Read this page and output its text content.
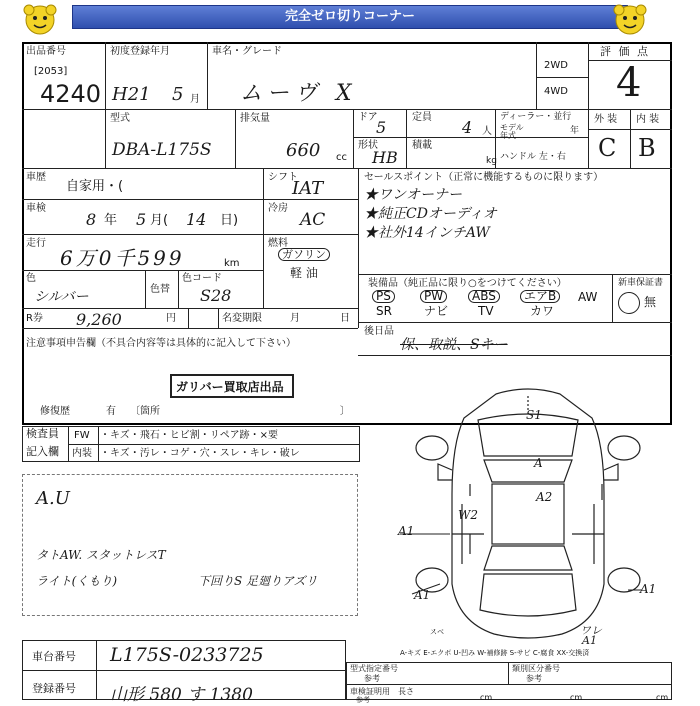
完全ゼロ切りコーナー
出品番号
[2053]
4240
初度登録年月
H21 5 月
車名・グレード
ムーヴ X
2WD
4WD
評 価 点
4
型式
DBA-L175S
排気量
660 cc
ドア
5
定員
4 人
ディーラー・並行
モデル 年式	年
形状
HB
積載
kg ハンドル 左・右
外 装 内 装
C B
車歴
自家用・(
シフト
IAT
車検
8 年 5 月( 14 日)
冷房
AC
走行
6万0千599	km
燃料
ガソリン
軽 油
色
シルバー	色替
色コード
S28
R券 9,260	円	名変期限	月	日
注意事項申告欄（不具合内容等は具体的に記入して下さい）
ガリバー買取店出品
修復歴	有 〔箇所	〕
セールスポイント（正常に機能するものに限ります）
★ワンオーナー
★純正CDオーディオ
★社外14インチAW
装備品（純正品に限り○をつけてください）	新車保証書
PS	PW	ABS	エアB	AW
SR	ナビ TV	カワ
無
後日品
保、取説、Sキー
検査員
記入欄
FW ・キズ・飛石・ヒビ割・リペア跡・×要
内装 ・キズ・汚レ・コゲ・穴・スレ・キレ・破レ
A.U
タトAW. スタットレスT
ライト(くもり)	下回りS 足廻りアズリ
S1
A
A2
W2
A1
A1	A1
スベ	ワレ
A1
A-キズ E-エクボ U-凹み W-補修跡 S-サビ C-腐食 XX-交換済
車台番号 L175S-0233725
登録番号 山形 580 す 1380
型式指定番号
参考
類別区分番号
参考
車検証明用
参考
長さ
cm	cm	cm
